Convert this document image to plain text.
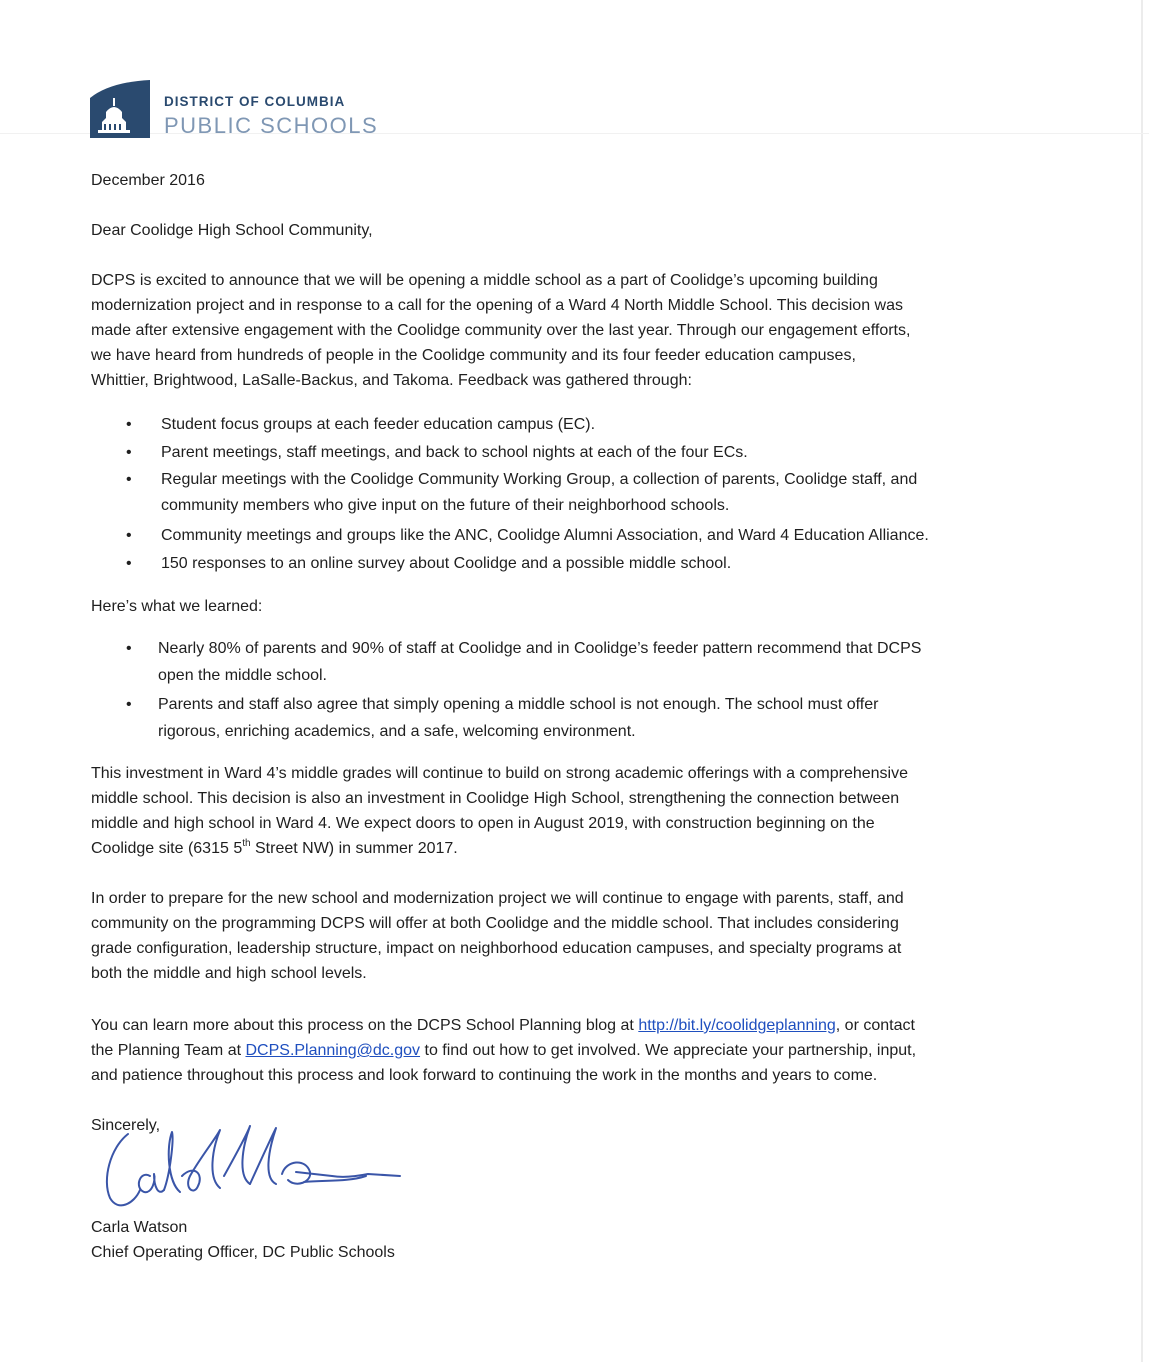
DISTRICT OF COLUMBIA
PUBLIC SCHOOLS
December 2016
Dear Coolidge High School Community,
DCPS is excited to announce that we will be opening a middle school as a part of Coolidge’s upcoming building
modernization project and in response to a call for the opening of a Ward 4 North Middle School. This decision was
made after extensive engagement with the Coolidge community over the last year. Through our engagement efforts,
we have heard from hundreds of people in the Coolidge community and its four feeder education campuses,
Whittier, Brightwood, LaSalle-Backus, and Takoma. Feedback was gathered through:
• Student focus groups at each feeder education campus (EC).
• Parent meetings, staff meetings, and back to school nights at each of the four ECs.
• Regular meetings with the Coolidge Community Working Group, a collection of parents, Coolidge staff, and
community members who give input on the future of their neighborhood schools.
• Community meetings and groups like the ANC, Coolidge Alumni Association, and Ward 4 Education Alliance.
• 150 responses to an online survey about Coolidge and a possible middle school.
Here’s what we learned:
• Nearly 80% of parents and 90% of staff at Coolidge and in Coolidge’s feeder pattern recommend that DCPS
open the middle school.
• Parents and staff also agree that simply opening a middle school is not enough. The school must offer
rigorous, enriching academics, and a safe, welcoming environment.
This investment in Ward 4’s middle grades will continue to build on strong academic offerings with a comprehensive
middle school. This decision is also an investment in Coolidge High School, strengthening the connection between
middle and high school in Ward 4. We expect doors to open in August 2019, with construction beginning on the
Coolidge site (6315 5th Street NW) in summer 2017.
In order to prepare for the new school and modernization project we will continue to engage with parents, staff, and
community on the programming DCPS will offer at both Coolidge and the middle school. That includes considering
grade configuration, leadership structure, impact on neighborhood education campuses, and specialty programs at
both the middle and high school levels.
You can learn more about this process on the DCPS School Planning blog at http://bit.ly/coolidgeplanning, or contact
the Planning Team at DCPS.Planning@dc.gov to find out how to get involved. We appreciate your partnership, input,
and patience throughout this process and look forward to continuing the work in the months and years to come.
Sincerely,
Carla Watson
Chief Operating Officer, DC Public Schools
